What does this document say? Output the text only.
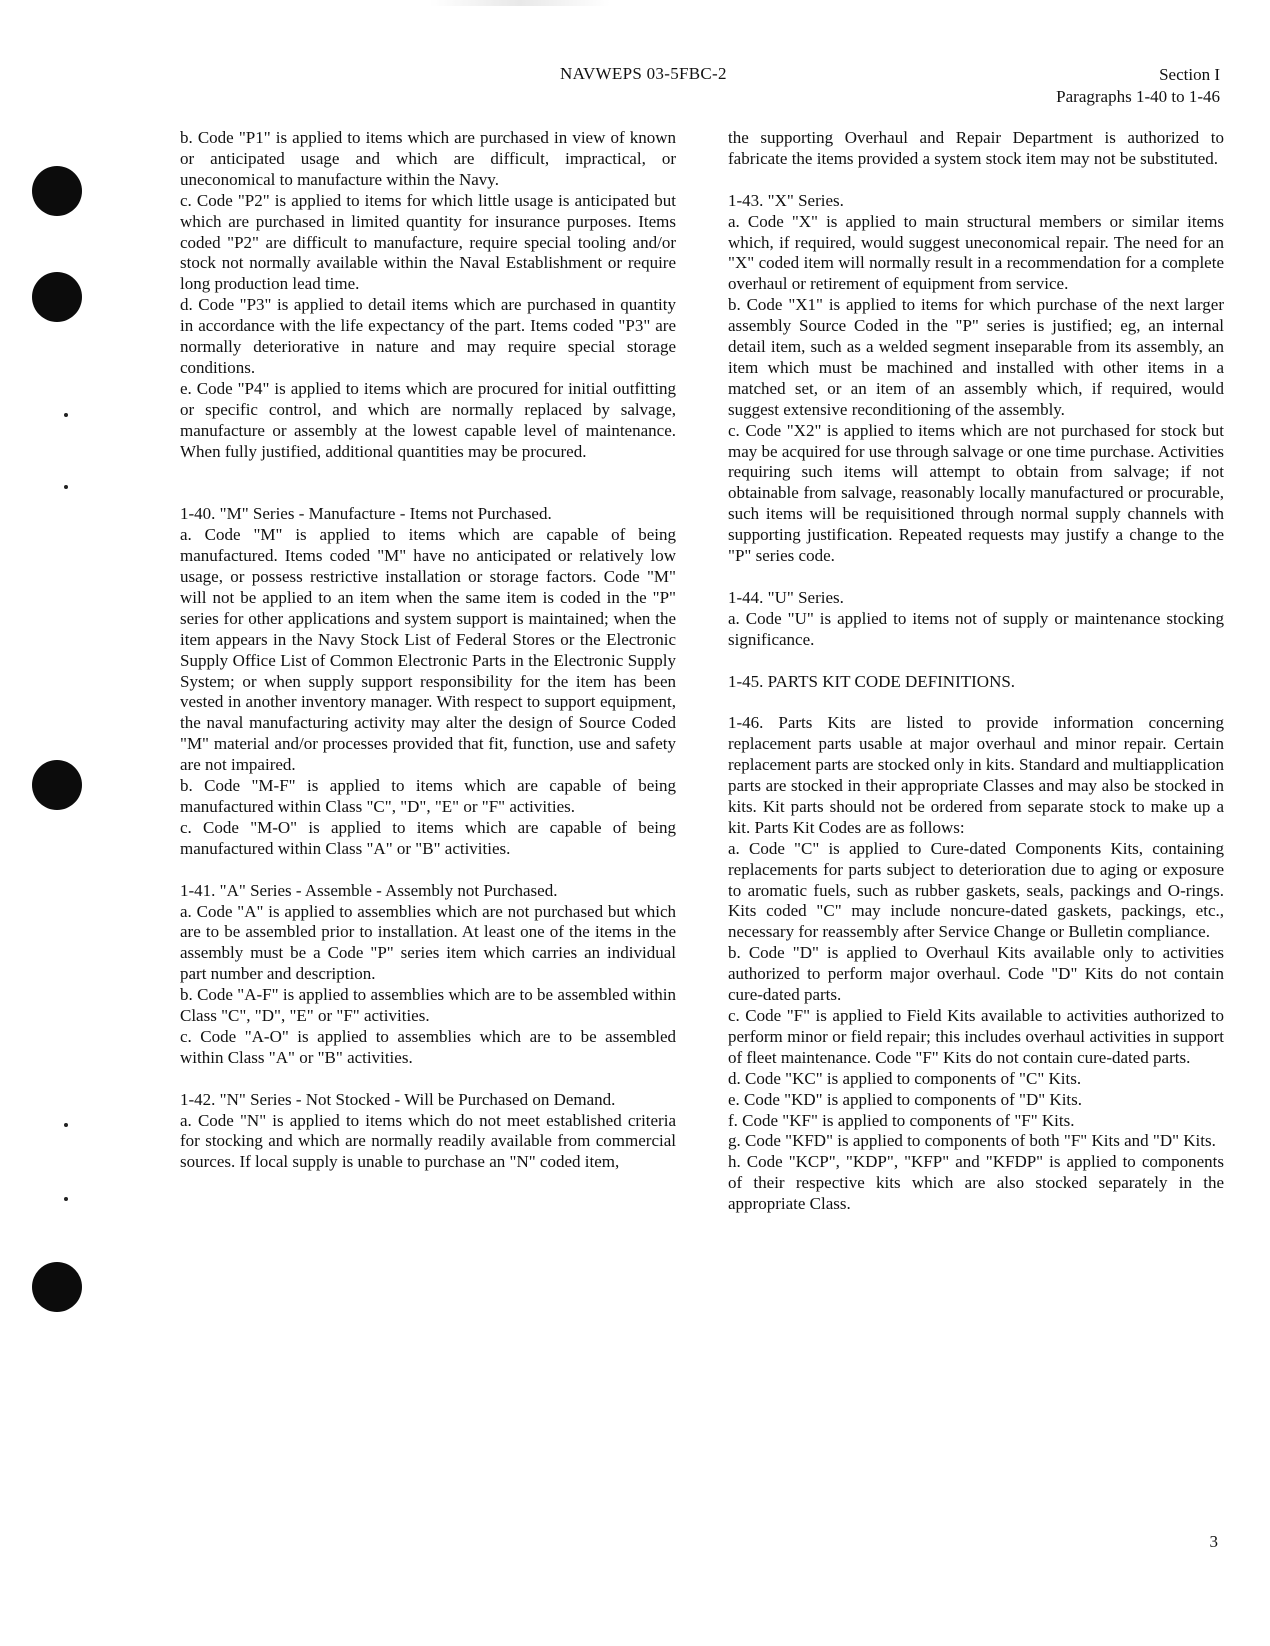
NAVWEPS 03-5FBC-2	Section I
Paragraphs 1-40 to 1-46

b. Code "P1" is applied to items which are purchased in view of known or anticipated usage and which are difficult, impractical, or uneconomical to manufacture within the Navy.

c. Code "P2" is applied to items for which little usage is anticipated but which are purchased in limited quantity for insurance purposes. Items coded "P2" are difficult to manufacture, require special tooling and/or stock not normally available within the Naval Establishment or require long production lead time.

d. Code "P3" is applied to detail items which are purchased in quantity in accordance with the life expectancy of the part. Items coded "P3" are normally deteriorative in nature and may require special storage conditions.

e. Code "P4" is applied to items which are procured for initial outfitting or specific control, and which are normally replaced by salvage, manufacture or assembly at the lowest capable level of maintenance. When fully justified, additional quantities may be procured.

1-40. "M" Series - Manufacture - Items not Purchased.

a. Code "M" is applied to items which are capable of being manufactured. Items coded "M" have no anticipated or relatively low usage, or possess restrictive installation or storage factors. Code "M" will not be applied to an item when the same item is coded in the "P" series for other applications and system support is maintained; when the item appears in the Navy Stock List of Federal Stores or the Electronic Supply Office List of Common Electronic Parts in the Electronic Supply System; or when supply support responsibility for the item has been vested in another inventory manager. With respect to support equipment, the naval manufacturing activity may alter the design of Source Coded "M" material and/or processes provided that fit, function, use and safety are not impaired.

b. Code "M-F" is applied to items which are capable of being manufactured within Class "C", "D", "E" or "F" activities.

c. Code "M-O" is applied to items which are capable of being manufactured within Class "A" or "B" activities.

1-41. "A" Series - Assemble - Assembly not Purchased.

a. Code "A" is applied to assemblies which are not purchased but which are to be assembled prior to installation. At least one of the items in the assembly must be a Code "P" series item which carries an individual part number and description.

b. Code "A-F" is applied to assemblies which are to be assembled within Class "C", "D", "E" or "F" activities.

c. Code "A-O" is applied to assemblies which are to be assembled within Class "A" or "B" activities.

1-42. "N" Series - Not Stocked - Will be Purchased on Demand.

a. Code "N" is applied to items which do not meet established criteria for stocking and which are normally readily available from commercial sources. If local supply is unable to purchase an "N" coded item,

the supporting Overhaul and Repair Department is authorized to fabricate the items provided a system stock item may not be substituted.

1-43. "X" Series.

a. Code "X" is applied to main structural members or similar items which, if required, would suggest uneconomical repair. The need for an "X" coded item will normally result in a recommendation for a complete overhaul or retirement of equipment from service.

b. Code "X1" is applied to items for which purchase of the next larger assembly Source Coded in the "P" series is justified; eg, an internal detail item, such as a welded segment inseparable from its assembly, an item which must be machined and installed with other items in a matched set, or an item of an assembly which, if required, would suggest extensive reconditioning of the assembly.

c. Code "X2" is applied to items which are not purchased for stock but may be acquired for use through salvage or one time purchase. Activities requiring such items will attempt to obtain from salvage; if not obtainable from salvage, reasonably locally manufactured or procurable, such items will be requisitioned through normal supply channels with supporting justification. Repeated requests may justify a change to the "P" series code.

1-44. "U" Series.

a. Code "U" is applied to items not of supply or maintenance stocking significance.

1-45. PARTS KIT CODE DEFINITIONS.

1-46. Parts Kits are listed to provide information concerning replacement parts usable at major overhaul and minor repair. Certain replacement parts are stocked only in kits. Standard and multiapplication parts are stocked in their appropriate Classes and may also be stocked in kits. Kit parts should not be ordered from separate stock to make up a kit. Parts Kit Codes are as follows:

a. Code "C" is applied to Cure-dated Components Kits, containing replacements for parts subject to deterioration due to aging or exposure to aromatic fuels, such as rubber gaskets, seals, packings and O-rings. Kits coded "C" may include noncure-dated gaskets, packings, etc., necessary for reassembly after Service Change or Bulletin compliance.

b. Code "D" is applied to Overhaul Kits available only to activities authorized to perform major overhaul. Code "D" Kits do not contain cure-dated parts.

c. Code "F" is applied to Field Kits available to activities authorized to perform minor or field repair; this includes overhaul activities in support of fleet maintenance. Code "F" Kits do not contain cure-dated parts.

d. Code "KC" is applied to components of "C" Kits.

e. Code "KD" is applied to components of "D" Kits.

f. Code "KF" is applied to components of "F" Kits.

g. Code "KFD" is applied to components of both "F" Kits and "D" Kits.

h. Code "KCP", "KDP", "KFP" and "KFDP" is applied to components of their respective kits which are also stocked separately in the appropriate Class.

3
